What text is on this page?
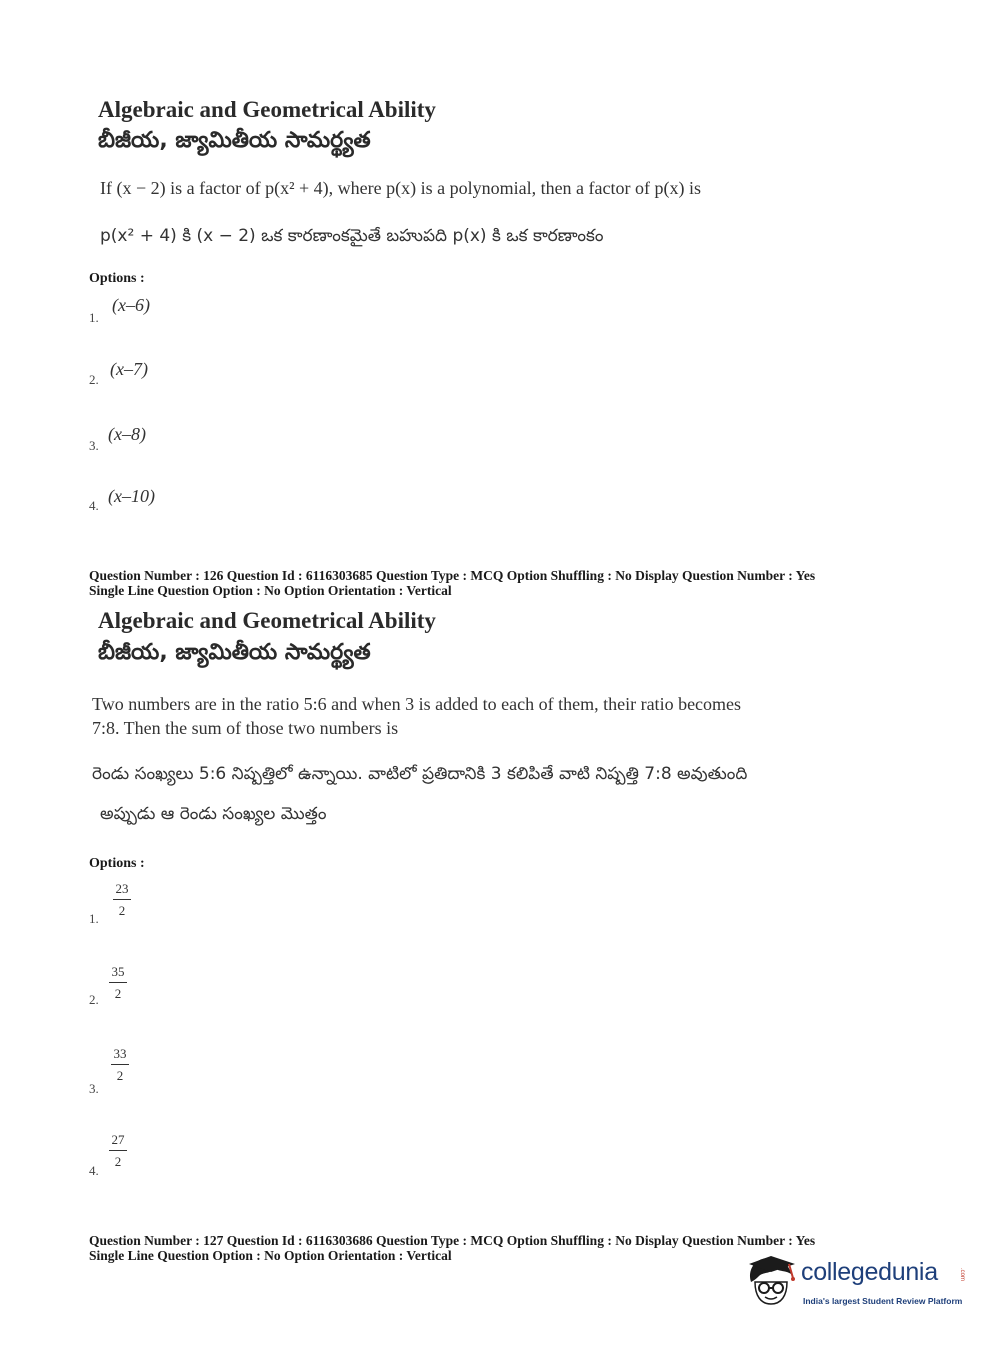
Algebraic and Geometrical Ability
బీజీయ, జ్యామితీయ సామర్థ్యత
If (x − 2) is a factor of p(x² + 4), where p(x) is a polynomial, then a factor of p(x) is
p(x² + 4) కి (x − 2) ఒక కారణాంకమైతే బహుపది p(x) కి ఒక కారణాంకం
Options :
1.
(x–6)
2.
(x–7)
3.
(x–8)
4. (x–10)
Question Number : 126 Question Id : 6116303685 Question Type : MCQ Option Shuffling : No Display Question Number : Yes
Single Line Question Option : No Option Orientation : Vertical
Algebraic and Geometrical Ability
బీజీయ, జ్యామితీయ సామర్థ్యత
Two numbers are in the ratio 5:6 and when 3 is added to each of them, their ratio becomes
7:8. Then the sum of those two numbers is
రెండు సంఖ్యలు 5:6 నిష్పత్తిలో ఉన్నాయి. వాటిలో ప్రతిదానికి 3 కలిపితే వాటి నిష్పత్తి 7:8 అవుతుంది
అప్పుడు ఆ రెండు సంఖ్యల మొత్తం
Options :
1. $\frac{23}{2}$
2. $\frac{35}{2}$
3.
$\frac{33}{2}$
4.
$\frac{27}{2}$
Question Number : 127 Question Id : 6116303686 Question Type : MCQ Option Shuffling : No Display Question Number : Yes
Single Line Question Option : No Option Orientation : Vertical
collegedunia	.com
India's largest Student Review Platform
